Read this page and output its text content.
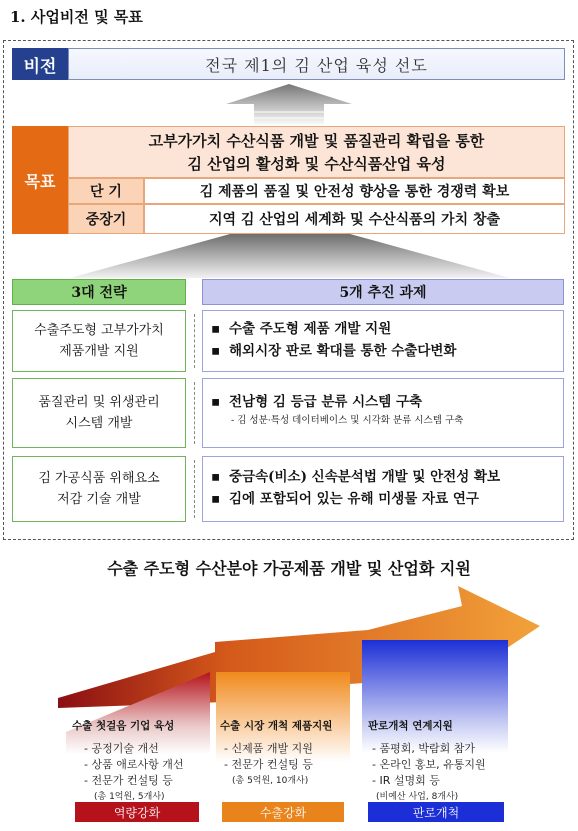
1. 사업비전 및 목표
비전	전국 제1의 김 산업 육성 선도
목표
고부가가치 수산식품 개발 및 품질관리 확립을 통한
김 산업의 활성화 및 수산식품산업 육성
단 기	김 제품의 품질 및 안전성 향상을 통한 경쟁력 확보
중장기	지역 김 산업의 세계화 및 수산식품의 가치 창출
3대 전략	5개 추진 과제
수출주도형 고부가가치
제품개발 지원
▪ 수출 주도형 제품 개발 지원
▪ 해외시장 판로 확대를 통한 수출다변화
품질관리 및 위생관리
시스템 개발
▪ 전남형 김 등급 분류 시스템 구축
- 김 성분·특성 데이터베이스 및 시각화 분류 시스템 구축
김 가공식품 위해요소
저감 기술 개발
▪ 중금속(비소) 신속분석법 개발 및 안전성 확보
▪ 김에 포함되어 있는 유해 미생물 자료 연구
수출 주도형 수산분야 가공제품 개발 및 산업화 지원
수출 첫걸음 기업 육성
- 공정기술 개선
- 상품 애로사항 개선
- 전문가 컨설팅 등
(총 1억원, 5개사)
역량강화
수출 시장 개척 제품지원
- 신제품 개발 지원
- 전문가 컨설팅 등
(총 5억원, 10개사)
수출강화
판로개척 연계지원
- 품평회, 박람회 참가
- 온라인 홍보, 유통지원
- IR 설명회 등
(비예산 사업, 8개사)
판로개척
